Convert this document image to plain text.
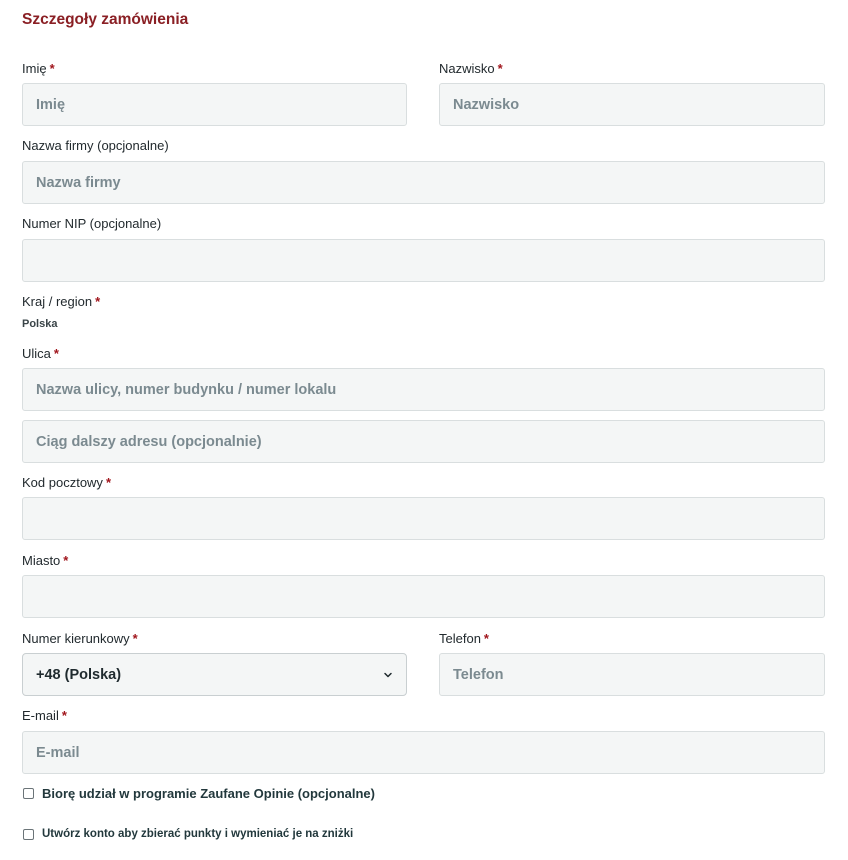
Szczegoły zamówienia
Imię *
Imię	Nazwisko *
Nazwisko
Nazwa firmy (opcjonalne)
Nazwa firmy
Numer NIP (opcjonalne)
Kraj / region *
Polska
Ulica *
Nazwa ulicy, numer budynku / numer lokalu
Ciąg dalszy adresu (opcjonalnie)
Kod pocztowy *
Miasto *
Numer kierunkowy *
+48 (Polska)
Telefon *
Telefon
E-mail *
E-mail
Biorę udział w programie Zaufane Opinie (opcjonalne)
Utwórz konto aby zbierać punkty i wymieniać je na zniżki
